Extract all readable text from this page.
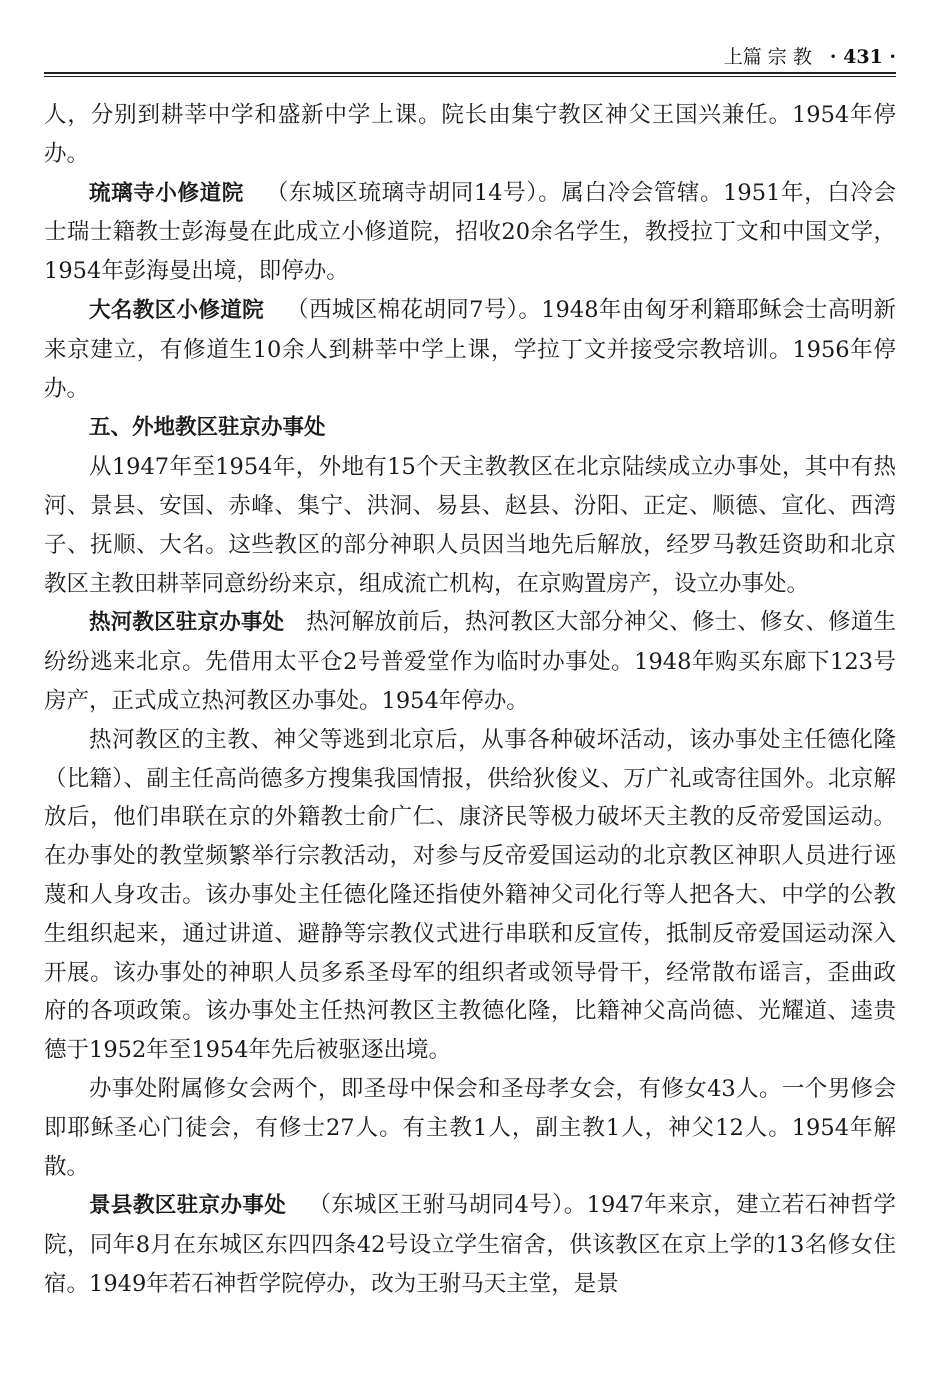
上篇 宗 教 · 431 ·

人，分别到耕莘中学和盛新中学上课。院长由集宁教区神父王国兴兼任。1954年停办。

琉璃寺小修道院 （东城区琉璃寺胡同14号）。属白冷会管辖。1951年，白冷会士瑞士籍教士彭海曼在此成立小修道院，招收20余名学生，教授拉丁文和中国文学，1954年彭海曼出境，即停办。

大名教区小修道院 （西城区棉花胡同7号）。1948年由匈牙利籍耶稣会士高明新来京建立，有修道生10余人到耕莘中学上课，学拉丁文并接受宗教培训。1956年停办。

五、外地教区驻京办事处

从1947年至1954年，外地有15个天主教教区在北京陆续成立办事处，其中有热河、景县、安国、赤峰、集宁、洪洞、易县、赵县、汾阳、正定、顺德、宣化、西湾子、抚顺、大名。这些教区的部分神职人员因当地先后解放，经罗马教廷资助和北京教区主教田耕莘同意纷纷来京，组成流亡机构，在京购置房产，设立办事处。

热河教区驻京办事处 热河解放前后，热河教区大部分神父、修士、修女、修道生纷纷逃来北京。先借用太平仓2号普爱堂作为临时办事处。1948年购买东廊下123号房产，正式成立热河教区办事处。1954年停办。

热河教区的主教、神父等逃到北京后，从事各种破坏活动，该办事处主任德化隆（比籍）、副主任高尚德多方搜集我国情报，供给狄俊义、万广礼或寄往国外。北京解放后，他们串联在京的外籍教士俞广仁、康济民等极力破坏天主教的反帝爱国运动。在办事处的教堂频繁举行宗教活动，对参与反帝爱国运动的北京教区神职人员进行诬蔑和人身攻击。该办事处主任德化隆还指使外籍神父司化行等人把各大、中学的公教生组织起来，通过讲道、避静等宗教仪式进行串联和反宣传，抵制反帝爱国运动深入开展。该办事处的神职人员多系圣母军的组织者或领导骨干，经常散布谣言，歪曲政府的各项政策。该办事处主任热河教区主教德化隆，比籍神父高尚德、光耀道、逵贵德于1952年至1954年先后被驱逐出境。

办事处附属修女会两个，即圣母中保会和圣母孝女会，有修女43人。一个男修会即耶稣圣心门徒会，有修士27人。有主教1人，副主教1人，神父12人。1954年解散。

景县教区驻京办事处 （东城区王驸马胡同4号）。1947年来京，建立若石神哲学院，同年8月在东城区东四四条42号设立学生宿舍，供该教区在京上学的13名修女住宿。1949年若石神哲学院停办，改为王驸马天主堂，是景
